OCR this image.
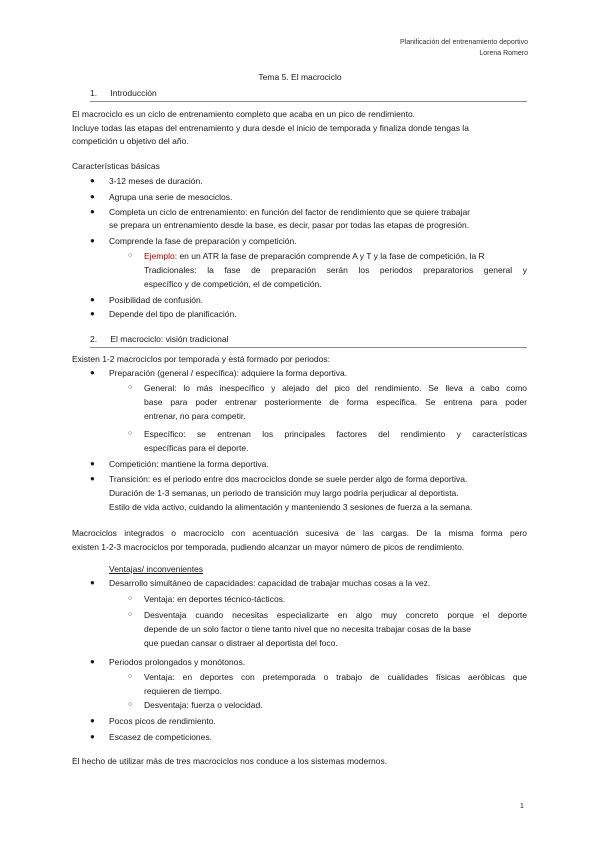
Planificación del entrenamiento deportivo
Lorena Romero
Tema 5. El macrociclo
1. Introducción
El macrociclo es un ciclo de entrenamiento completo que acaba en un pico de rendimiento.
Incluye todas las etapas del entrenamiento y dura desde el inicio de temporada y finaliza donde tengas la
competición u objetivo del año.
Características básicas
● 3-12 meses de duración.
● Agrupa una serie de mesociclos.
● Completa un ciclo de entrenamiento: en función del factor de rendimiento que se quiere trabajar
se prepara un entrenamiento desde la base, es decir, pasar por todas las etapas de progresión.
● Comprende la fase de preparación y competición.
○ Ejemplo: en un ATR la fase de preparación comprende A y T y la fase de competición, la R
Tradicionales: la fase de preparación serán los periodos preparatorios general y
específico y de competición, el de competición.
● Posibilidad de confusión.
● Depende del tipo de planificación.
2. El macrociclo: visión tradicional
Existen 1-2 macrociclos por temporada y está formado por periodos:
● Preparación (general / específica): adquiere la forma deportiva.
○ General: lo más inespecífico y alejado del pico del rendimiento. Se lleva a cabo como
base para poder entrenar posteriormente de forma específica. Se entrena para poder
entrenar, no para competir.
○ Específico: se entrenan los principales factores del rendimiento y características
específicas para el deporte.
● Competición: mantiene la forma deportiva.
● Transición: es el periodo entre dos macrociclos donde se suele perder algo de forma deportiva.
Duración de 1-3 semanas, un periodo de transición muy largo podría perjudicar al deportista.
Estilo de vida activo, cuidando la alimentación y manteniendo 3 sesiones de fuerza a la semana.
Macrociclos integrados o macrociclo con acentuación sucesiva de las cargas. De la misma forma pero
existen 1-2-3 macrociclos por temporada, pudiendo alcanzar un mayor número de picos de rendimiento.
Ventajas/ inconvenientes
● Desarrollo simultáneo de capacidades: capacidad de trabajar muchas cosas a la vez.
○ Ventaja: en deportes técnico-tácticos.
○ Desventaja cuando necesitas especializarte en algo muy concreto porque el deporte
depende de un solo factor o tiene tanto nivel que no necesita trabajar cosas de la base
que puedan cansar o distraer al deportista del foco.
● Periodos prolongados y monótonos.
○ Ventaja: en deportes con pretemporada o trabajo de cualidades físicas aeróbicas que
requieren de tiempo.
○ Desventaja: fuerza o velocidad.
● Pocos picos de rendimiento.
● Escasez de competiciones.
El hecho de utilizar más de tres macrociclos nos conduce a los sistemas modernos.
1
